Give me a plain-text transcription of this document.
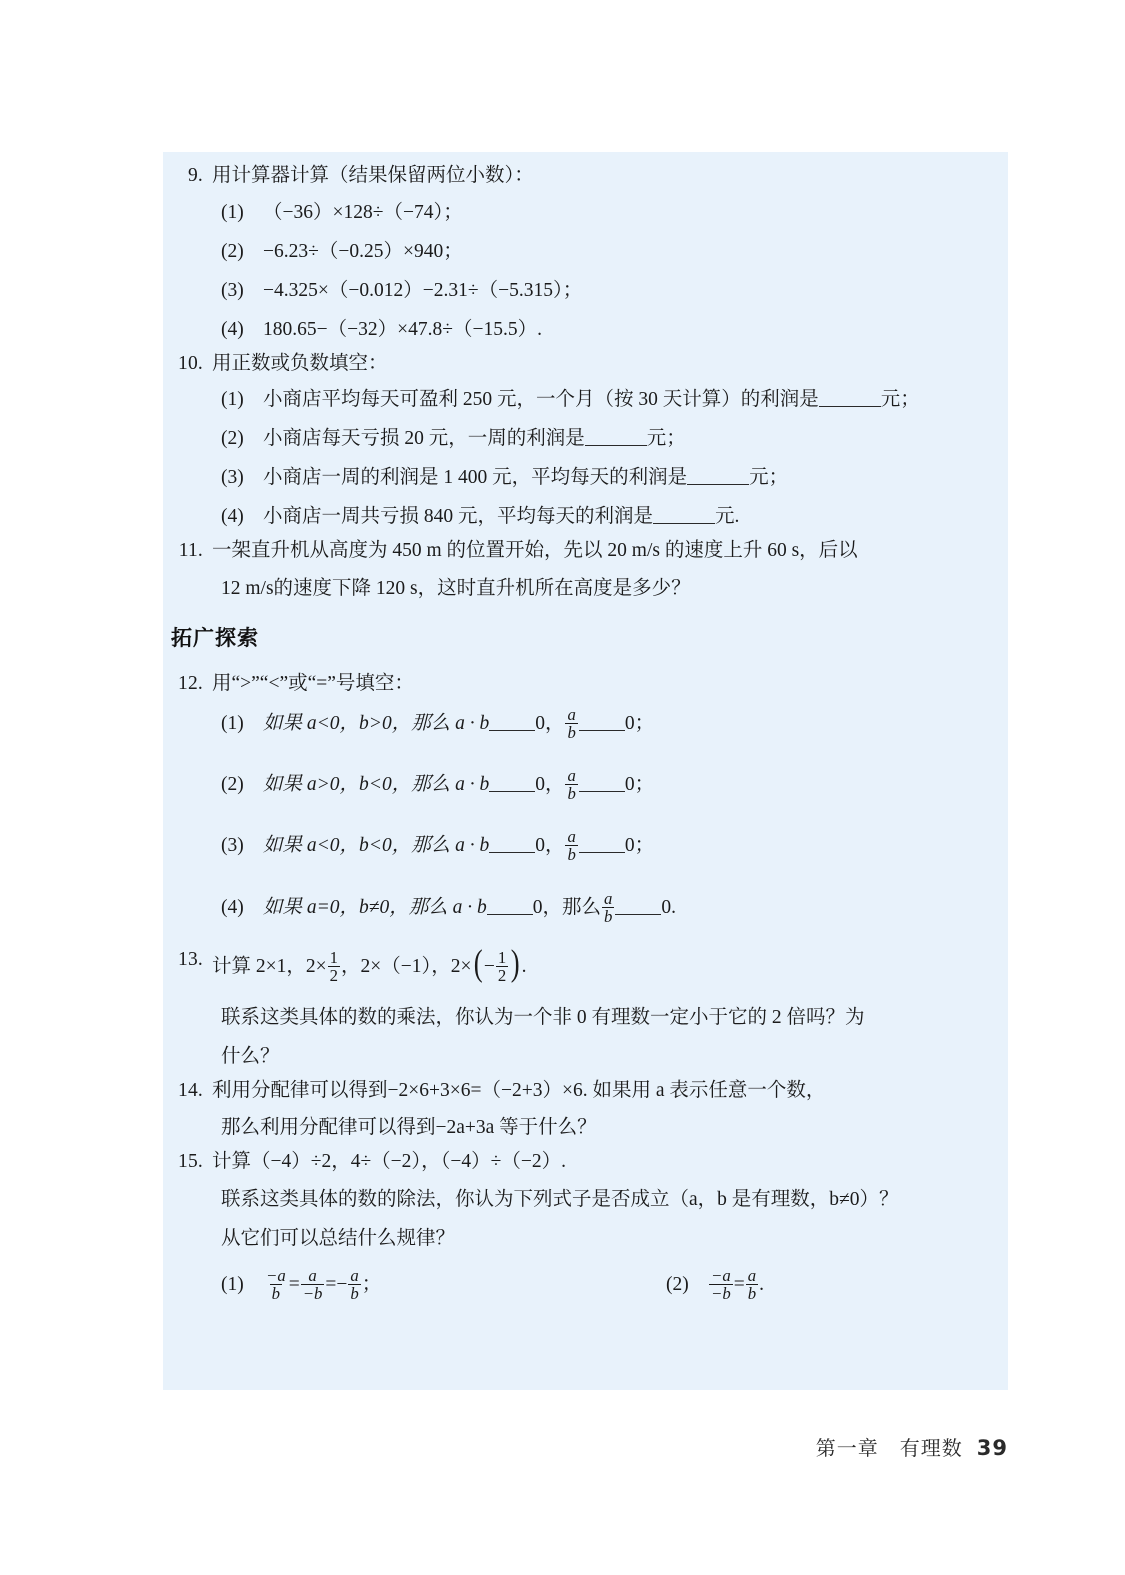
9. 用计算器计算（结果保留两位小数）：
(1) （−36）×128÷（−74）；
(2) −6.23÷（−0.25）×940；
(3) −4.325×（−0.012）−2.31÷（−5.315）；
(4) 180.65−（−32）×47.8÷（−15.5）.
10. 用正数或负数填空：
(1) 小商店平均每天可盈利 250 元，一个月（按 30 天计算）的利润是	元；
(2) 小商店每天亏损 20 元，一周的利润是	元；
(3) 小商店一周的利润是 1 400 元，平均每天的利润是	元；
(4) 小商店一周共亏损 840 元，平均每天的利润是	元.
11. 一架直升机从高度为 450 m 的位置开始，先以 20 m/s 的速度上升 60 s，后以
12 m/s的速度下降 120 s，这时直升机所在高度是多少？
拓广探索
12. 用“>”“<”或“=”号填空：
(1) 如果 a<0，b>0，那么 a · b 0， $\frac{a}{b} 0$；
(2) 如果 a>0，b<0，那么 a · b 0， $\frac{a}{b} 0$；
(3) 如果 a<0，b<0，那么 a · b 0， $\frac{a}{b} 0$；
(4) 如果 a=0，b≠0，那么 a · b 0，那么 $\frac{a}{b} 0$.
13. 计算 2×1，$2\times \frac{1}{2}$ ，2×（−1），$2\times(- \frac{1}{2}$ ).
联系这类具体的数的乘法，你认为一个非 0 有理数一定小于它的 2 倍吗？为
什么？
14. 利用分配律可以得到−2×6+3×6=（−2+3）×6. 如果用 a 表示任意一个数，
那么利用分配律可以得到−2a+3a 等于什么？
15. 计算（−4）÷2，4÷（−2），（−4）÷（−2）.
联系这类具体的数的除法，你认为下列式子是否成立（a，b 是有理数，b≠0）？
从它们可以总结什么规律？
(1)	$\frac{-a}{b} = \frac{a}{-b} =- \frac{a}{b}$ ；	(2)	$\frac{-a}{-b} = \frac{a}{b}$ .
第一章　有理数 39
